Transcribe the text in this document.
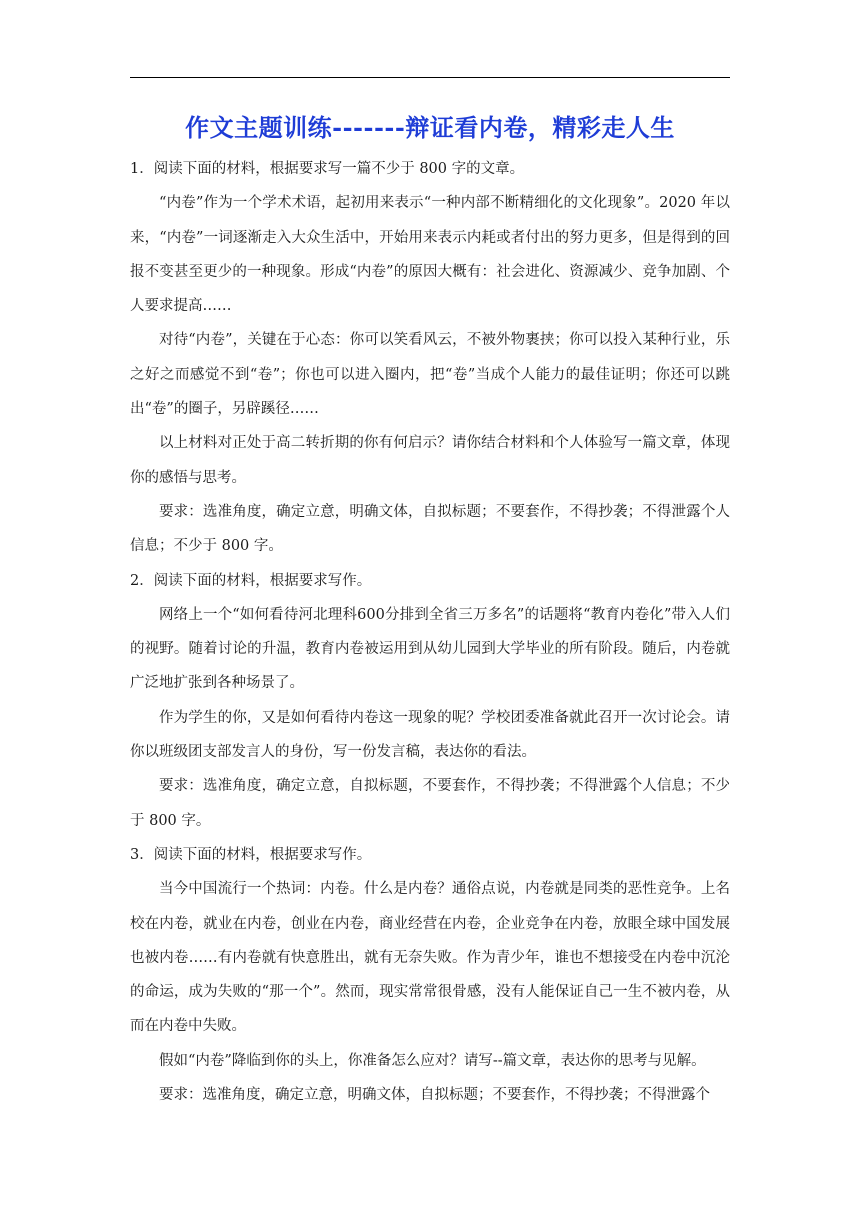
作文主题训练-------辩证看内卷，精彩走人生

1．阅读下面的材料，根据要求写一篇不少于 800 字的文章。

“内卷”作为一个学术术语，起初用来表示“一种内部不断精细化的文化现象”。2020 年以来，“内卷”一词逐渐走入大众生活中，开始用来表示内耗或者付出的努力更多，但是得到的回报不变甚至更少的一种现象。形成“内卷”的原因大概有：社会进化、资源减少、竞争加剧、个人要求提高……

对待“内卷”，关键在于心态：你可以笑看风云，不被外物裹挟；你可以投入某种行业，乐之好之而感觉不到“卷”；你也可以进入圈内，把“卷”当成个人能力的最佳证明；你还可以跳出“卷”的圈子，另辟蹊径……

以上材料对正处于高二转折期的你有何启示？请你结合材料和个人体验写一篇文章，体现你的感悟与思考。

要求：选准角度，确定立意，明确文体，自拟标题；不要套作，不得抄袭；不得泄露个人信息；不少于 800 字。

2．阅读下面的材料，根据要求写作。

网络上一个“如何看待河北理科600分排到全省三万多名”的话题将“教育内卷化”带入人们的视野。随着讨论的升温，教育内卷被运用到从幼儿园到大学毕业的所有阶段。随后，内卷就广泛地扩张到各种场景了。

作为学生的你，又是如何看待内卷这一现象的呢？学校团委准备就此召开一次讨论会。请你以班级团支部发言人的身份，写一份发言稿，表达你的看法。

要求：选准角度，确定立意，自拟标题，不要套作，不得抄袭；不得泄露个人信息；不少于 800 字。

3．阅读下面的材料，根据要求写作。

当今中国流行一个热词：内卷。什么是内卷？通俗点说，内卷就是同类的恶性竞争。上名校在内卷，就业在内卷，创业在内卷，商业经营在内卷，企业竞争在内卷，放眼全球中国发展也被内卷……有内卷就有快意胜出，就有无奈失败。作为青少年，谁也不想接受在内卷中沉沦的命运，成为失败的“那一个”。然而，现实常常很骨感，没有人能保证自己一生不被内卷，从而在内卷中失败。

假如“内卷”降临到你的头上，你准备怎么应对？请写--篇文章，表达你的思考与见解。

要求：选准角度，确定立意，明确文体，自拟标题；不要套作，不得抄袭；不得泄露个
